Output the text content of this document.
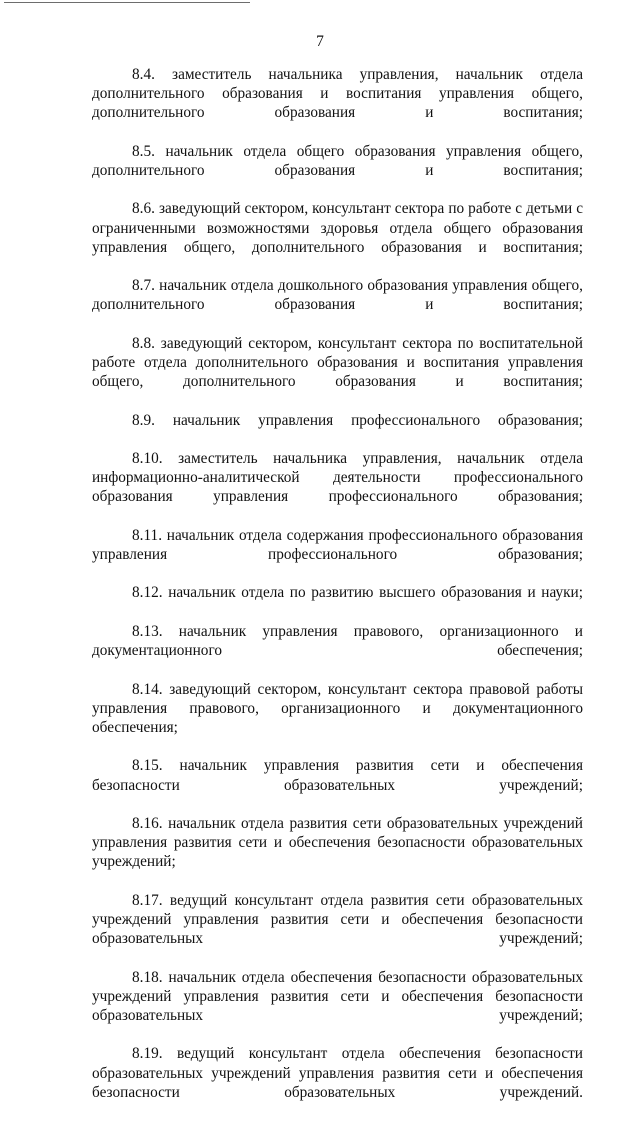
7

8.4. заместитель начальника управления, начальник отдела дополнительного образования и воспитания управления общего, дополнительного образования и воспитания;

8.5. начальник отдела общего образования управления общего, дополнительного образования и воспитания;

8.6. заведующий сектором, консультант сектора по работе с детьми с ограниченными возможностями здоровья отдела общего образования управления общего, дополнительного образования и воспитания;

8.7. начальник отдела дошкольного образования управления общего, дополнительного образования и воспитания;

8.8. заведующий сектором, консультант сектора по воспитательной работе отдела дополнительного образования и воспитания управления общего, дополнительного образования и воспитания;

8.9. начальник управления профессионального образования;

8.10. заместитель начальника управления, начальник отдела информационно-аналитической деятельности профессионального образования управления профессионального образования;

8.11. начальник отдела содержания профессионального образования управления профессионального образования;

8.12. начальник отдела по развитию высшего образования и науки;

8.13. начальник управления правового, организационного и документационного обеспечения;

8.14. заведующий сектором, консультант сектора правовой работы управления правового, организационного и документационного обеспечения;

8.15. начальник управления развития сети и обеспечения безопасности образовательных учреждений;

8.16. начальник отдела развития сети образовательных учреждений управления развития сети и обеспечения безопасности образовательных учреждений;

8.17. ведущий консультант отдела развития сети образовательных учреждений управления развития сети и обеспечения безопасности образовательных учреждений;

8.18. начальник отдела обеспечения безопасности образовательных учреждений управления развития сети и обеспечения безопасности образовательных учреждений;

8.19. ведущий консультант отдела обеспечения безопасности образовательных учреждений управления развития сети и обеспечения безопасности образовательных учреждений.
